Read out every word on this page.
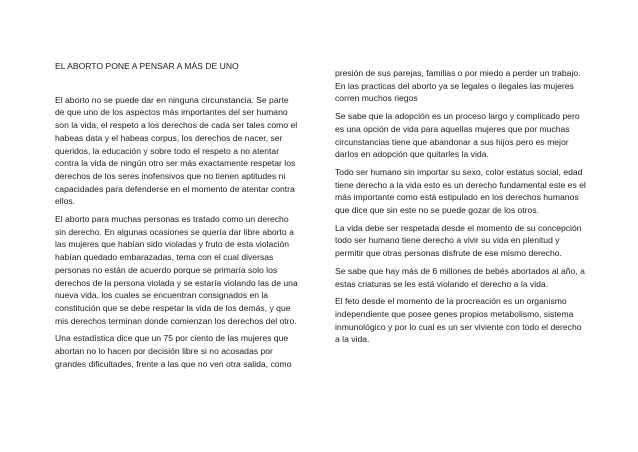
EL ABORTO PONE A PENSAR A MÁS DE UNO

El aborto no se puede dar en ninguna circunstancia. Se parte de que uno de los aspectos más importantes del ser humano son la vida, el respeto a los derechos de cada ser tales como el habeas data y el habeas corpus, los derechos de nacer, ser queridos, la educación y sobre todo el respeto a no atentar contra la vida de ningún otro ser más exactamente respetar los derechos de los seres inofensivos que no tienen aptitudes ni capacidades para defenderse en el momento de atentar contra ellos.

El aborto para muchas personas es tratado como un derecho sin derecho. En algunas ocasiones se quería dar libre aborto a las mujeres que habían sido violadas y fruto de esta violación habían quedado embarazadas, tema con el cual diversas personas no están de acuerdo porque se primaría solo los derechos de la persona violada y se estaría violando las de una nueva vida, los cuales se encuentran consignados en la constitución que se debe respetar la vida de los demás, y que mis derechos terminan donde comienzan los derechos del otro.

Una estadística dice que un 75 por ciento de las mujeres que abortan no lo hacen por decisión libre si no acosadas por grandes dificultades, frente a las que no ven otra salida, como

presión de sus parejas, familias o por miedo a perder un trabajo. En las practicas del aborto ya se legales o ilegales las mujeres corren muchos riegos

Se sabe que la adopción es un proceso largo y complicado pero es una opción de vida para aquellas mujeres que por muchas circunstancias tiene que abandonar a sus hijos pero es mejor darlos en adopción que quitarles la vida.

Todo ser humano sin importar su sexo, color estatus social, edad tiene derecho a la vida esto es un derecho fundamental este es el más importante como está estipulado en los derechos humanos que dice que sin este no se puede gozar de los otros.

La vida debe ser respetada desde el momento de su concepción todo ser humano tiene derecho a vivir su vida en plenitud y permitir que otras personas disfrute de ese mismo derecho.

Se sabe que hay más de 6 millones de bebés abortados al año, a estas criaturas se les está violando el derecho a la vida.

El feto desde el momento de la procreación es un organismo independiente que posee genes propios metabolismo, sistema inmunológico y por lo cual es un ser viviente con todo el derecho a la vida.
